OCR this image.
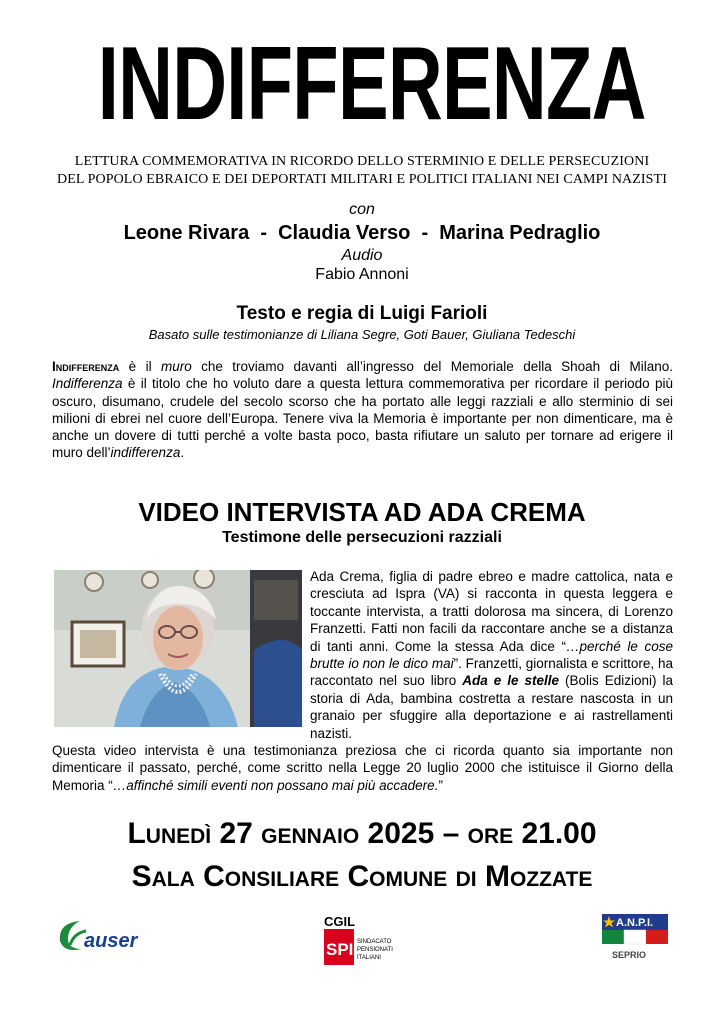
INDIFFERENZA
LETTURA COMMEMORATIVA IN RICORDO DELLO STERMINIO E DELLE PERSECUZIONI
DEL POPOLO EBRAICO E DEI DEPORTATI MILITARI E POLITICI ITALIANI NEI CAMPI NAZISTI
con
Leone Rivara  -  Claudia Verso  -  Marina Pedraglio
Audio
Fabio Annoni
Testo e regia di Luigi Farioli
Basato sulle testimonianze di Liliana Segre, Goti Bauer, Giuliana Tedeschi
Indifferenza è il muro che troviamo davanti all’ingresso del Memoriale della Shoah di Milano. Indifferenza è il titolo che ho voluto dare a questa lettura commemorativa per ricordare il periodo più oscuro, disumano, crudele del secolo scorso che ha portato alle leggi razziali e allo sterminio di sei milioni di ebrei nel cuore dell’Europa. Tenere viva la Memoria è importante per non dimenticare, ma è anche un dovere di tutti perché a volte basta poco, basta rifiutare un saluto per tornare ad erigere il muro dell’indifferenza.
VIDEO INTERVISTA AD ADA CREMA
Testimone delle persecuzioni razziali
Ada Crema, figlia di padre ebreo e madre cattolica, nata e cresciuta ad Ispra (VA) si racconta in questa leggera e toccante intervista, a tratti dolorosa ma sincera, di Lorenzo Franzetti. Fatti non facili da raccontare anche se a distanza di tanti anni. Come la stessa Ada dice “…perché le cose brutte io non le dico mai”. Franzetti, giornalista e scrittore, ha raccontato nel suo libro Ada e le stelle (Bolis Edizioni) la storia di Ada, bambina costretta a restare nascosta in un granaio per sfuggire alla deportazione e ai rastrellamenti nazisti.
Questa video intervista è una testimonianza preziosa che ci ricorda quanto sia importante non dimenticare il passato, perché, come scritto nella Legge 20 luglio 2000 che istituisce il Giorno della Memoria “…affinché simili eventi non possano mai più accadere.”
Lunedì 27 gennaio 2025 – ore 21.00
Sala Consiliare Comune di Mozzate
auser
CGIL
SPI SINDACATO
PENSIONATI
ITALIANI
A.N.P.I.
SEPRIO
